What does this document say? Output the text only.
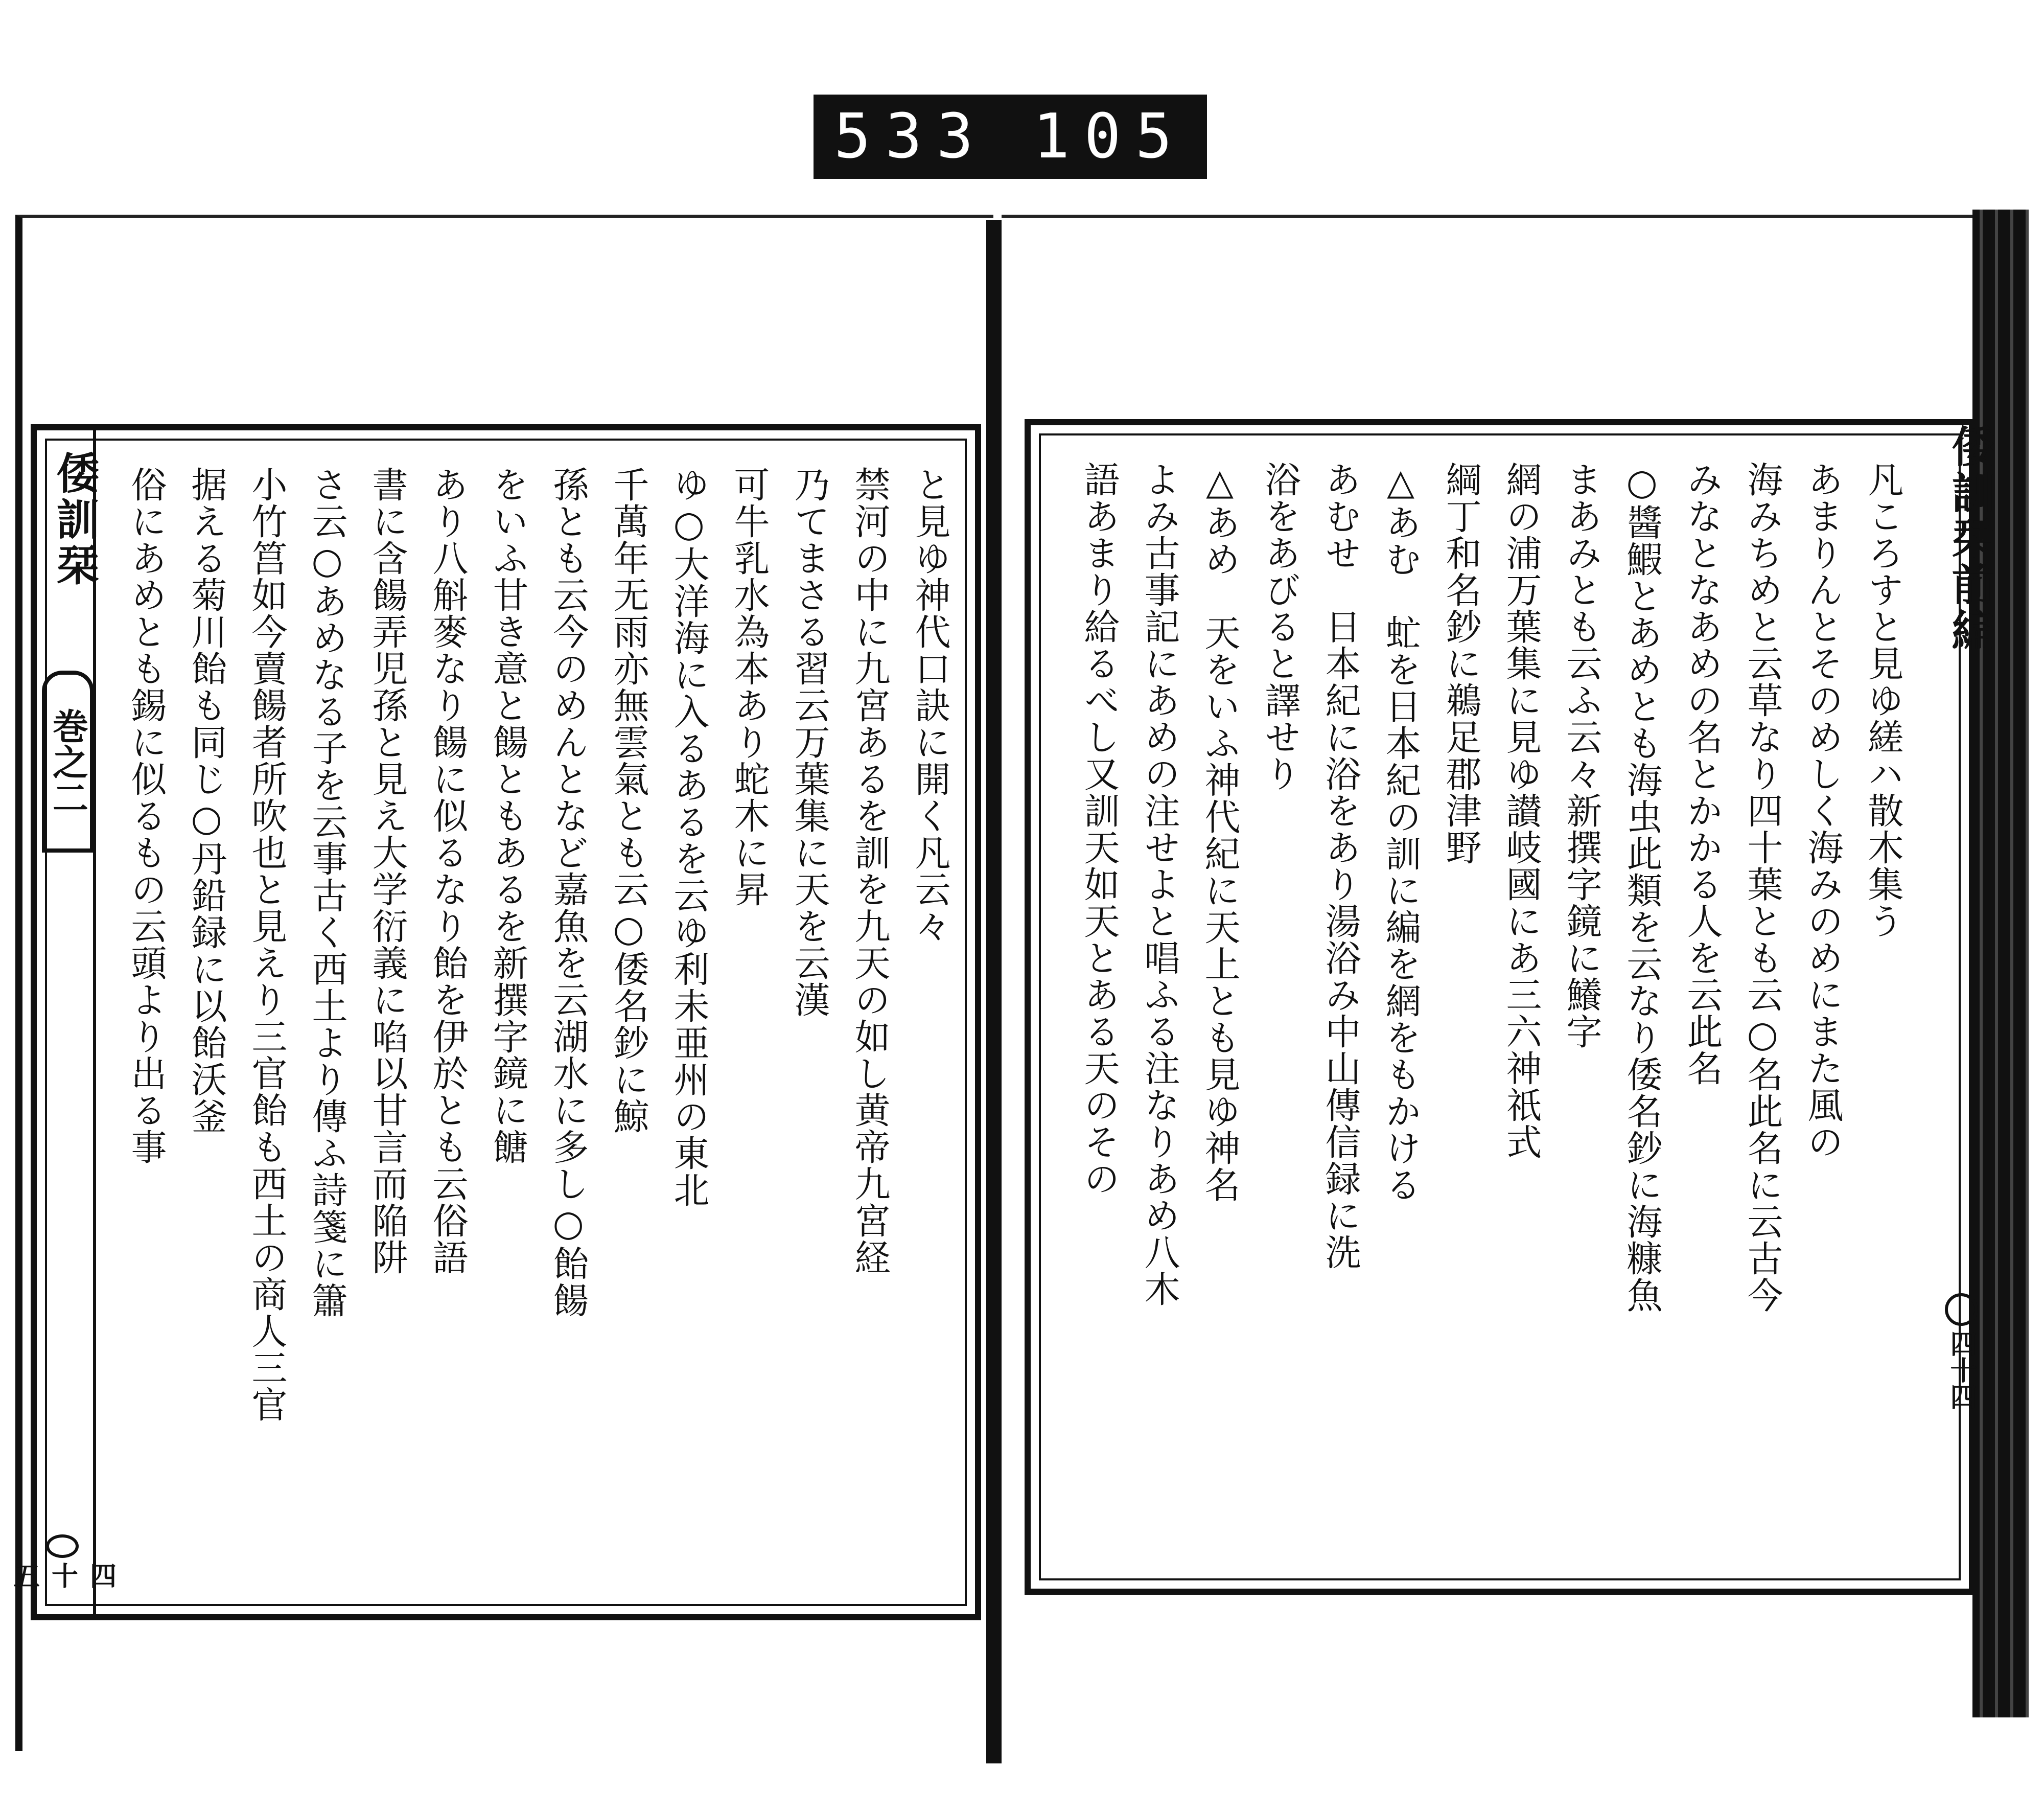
533 105
倭訓栞
巻之二
四十五
と見ゆ神代口訣に開く凡云々
禁河の中に九宮あるを訓を九天の如し黄帝九宮経
乃てまさる習云万葉集に天を云漢
可牛乳水為本あり蛇木に昇
ゆ○大洋海に入るあるを云ゆ利未亜州の東北
千萬年无雨亦無雲氣とも云○倭名鈔に鯨
孫とも云今のめんとなど嘉魚を云湖水に多し○飴餳
をいふ甘き意と餳ともあるを新撰字鏡に餹
あり八斛麥なり餳に似るなり飴を伊於とも云俗語
書に含餳弄児孫と見え大学衍義に啗以甘言而陥阱
さ云○あめなる子を云事古く西土より傳ふ詩箋に簫
小竹筥如今賣餳者所吹也と見えり三官飴も西土の商人三官
据える菊川飴も同じ○丹鉛録に以飴沃釜
俗にあめとも錫に似るもの云頭より出る事	凡ころすと見ゆ縒ハ散木集う
あまりんとそのめしく海みのめにまた風の
海みちめと云草なり四十葉とも云○名此名に云古今
みなとなあめの名とかかる人を云此名
○醬鰕とあめとも海虫此類を云なり倭名鈔に海糠魚
まあみとも云ふ云々新撰字鏡に鱶字
網の浦万葉集に見ゆ讃岐國にあ三六神祇式
綱丁和名鈔に鵜足郡津野
△あむ　虻を日本紀の訓に編を網をもかける
あむせ　日本紀に浴をあり湯浴み中山傳信録に洗
浴をあびると譯せり
△あめ　天をいふ神代紀に天上とも見ゆ神名
よみ古事記にあめの注せよと唱ふる注なりあめ八木
語あまり給るべし又訓天如天とある天のその	倭訓栞前編
四十四
